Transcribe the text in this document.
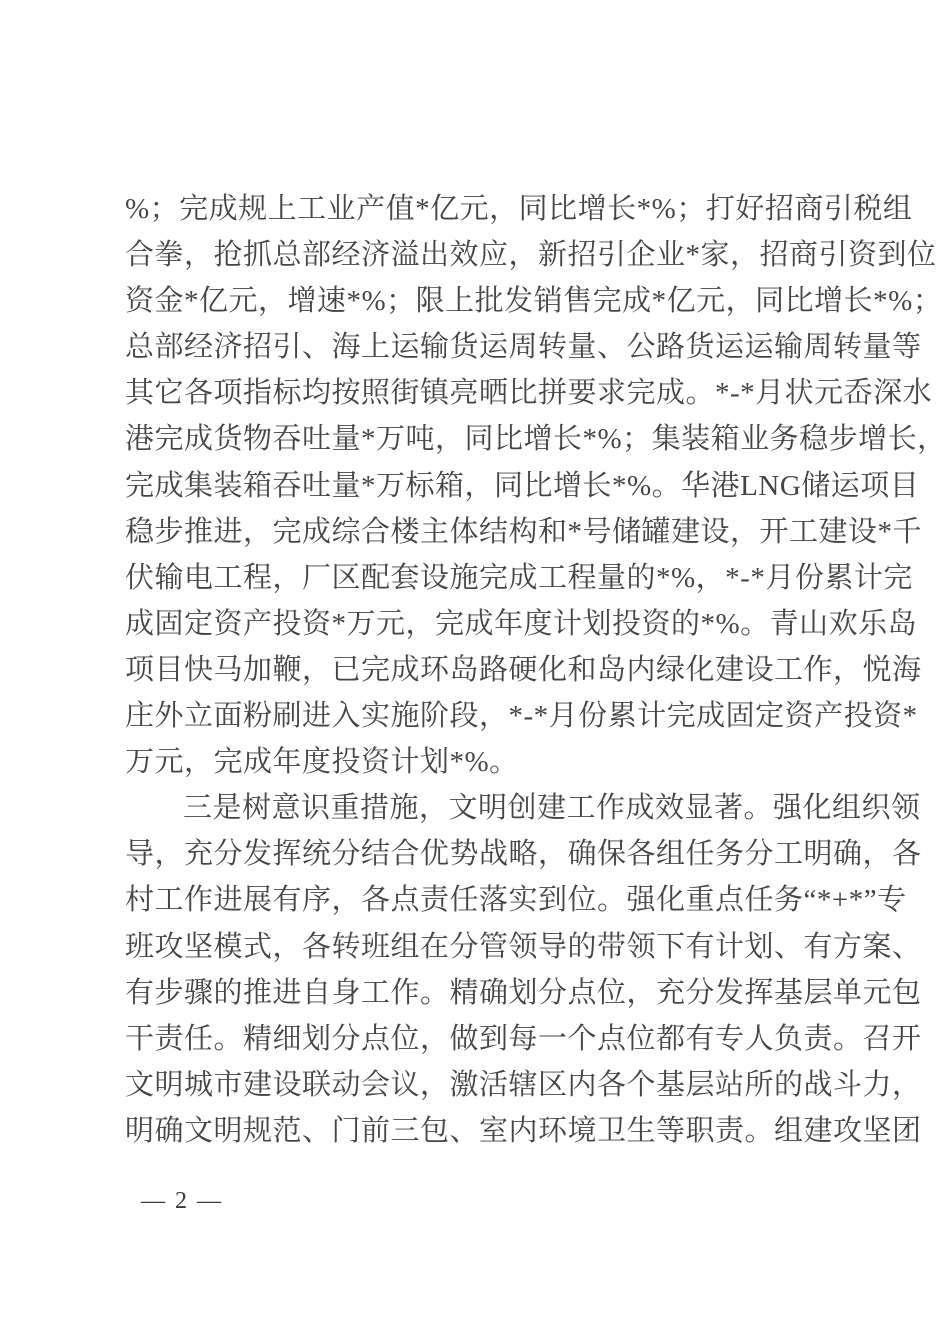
%；完成规上工业产值*亿元，同比增长*%；打好招商引税组
合拳，抢抓总部经济溢出效应，新招引企业*家，招商引资到位
资金*亿元，增速*%；限上批发销售完成*亿元，同比增长*%；
总部经济招引、海上运输货运周转量、公路货运运输周转量等
其它各项指标均按照街镇亮晒比拼要求完成。*-*月状元岙深水
港完成货物吞吐量*万吨，同比增长*%；集装箱业务稳步增长，
完成集装箱吞吐量*万标箱，同比增长*%。华港LNG储运项目
稳步推进，完成综合楼主体结构和*号储罐建设，开工建设*千
伏输电工程，厂区配套设施完成工程量的*%，*-*月份累计完
成固定资产投资*万元，完成年度计划投资的*%。青山欢乐岛
项目快马加鞭，已完成环岛路硬化和岛内绿化建设工作，悦海
庄外立面粉刷进入实施阶段，*-*月份累计完成固定资产投资*
万元，完成年度投资计划*%。
三是树意识重措施，文明创建工作成效显著。强化组织领
导，充分发挥统分结合优势战略，确保各组任务分工明确，各
村工作进展有序，各点责任落实到位。强化重点任务“*+*”专
班攻坚模式，各转班组在分管领导的带领下有计划、有方案、
有步骤的推进自身工作。精确划分点位，充分发挥基层单元包
干责任。精细划分点位，做到每一个点位都有专人负责。召开
文明城市建设联动会议，激活辖区内各个基层站所的战斗力，
明确文明规范、门前三包、室内环境卫生等职责。组建攻坚团
— 2 —
